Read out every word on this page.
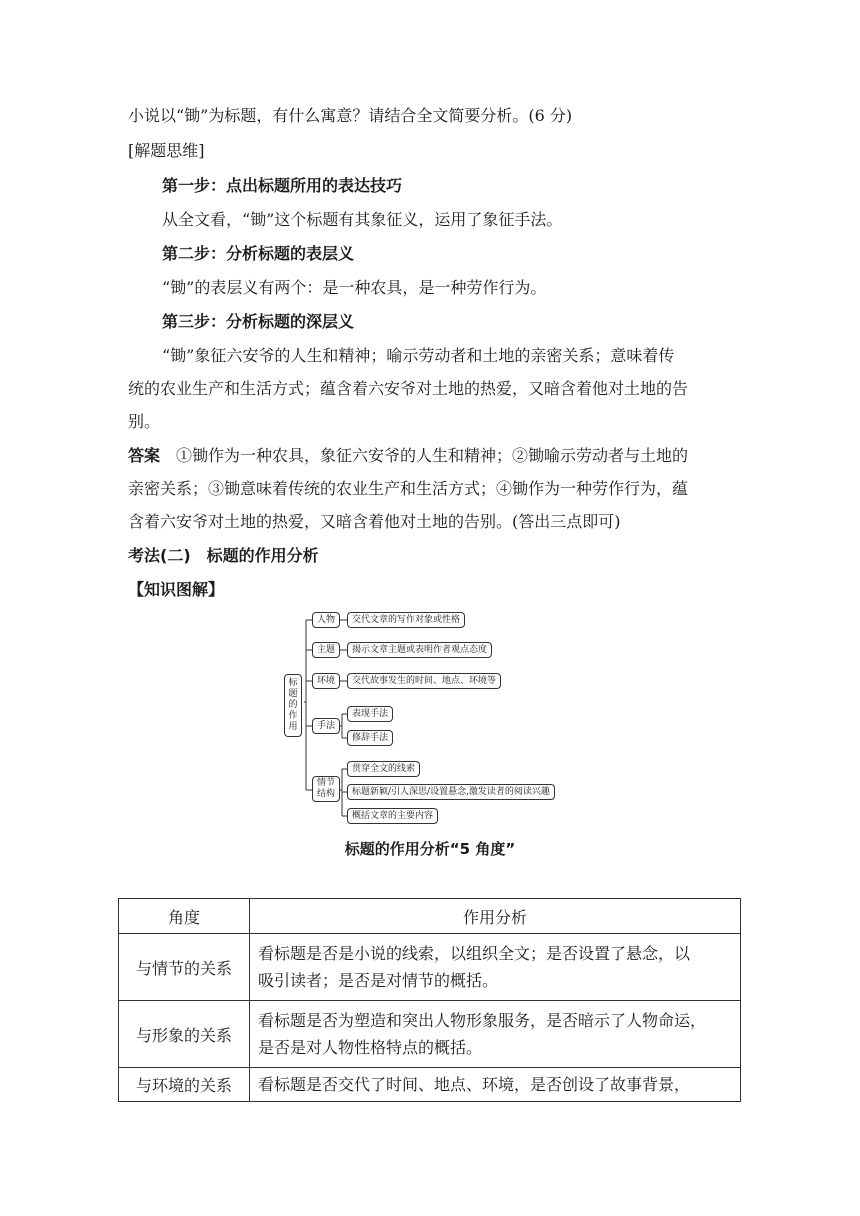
小说以“锄”为标题，有什么寓意？请结合全文简要分析。(6 分)
[解题思维]
第一步：点出标题所用的表达技巧
从全文看，“锄”这个标题有其象征义，运用了象征手法。
第二步：分析标题的表层义
“锄”的表层义有两个：是一种农具，是一种劳作行为。
第三步：分析标题的深层义
“锄”象征六安爷的人生和精神；喻示劳动者和土地的亲密关系；意味着传
统的农业生产和生活方式；蕴含着六安爷对土地的热爱，又暗含着他对土地的告
别。
答案　 ①锄作为一种农具，象征六安爷的人生和精神；②锄喻示劳动者与土地的
亲密关系；③锄意味着传统的农业生产和生活方式；④锄作为一种劳作行为，蕴
含着六安爷对土地的热爱，又暗含着他对土地的告别。(答出三点即可)
考法(二)　标题的作用分析
【知识图解】
标题的作用
人物	交代文章的写作对象或性格
主题	揭示文章主题或表明作者观点态度
环境	交代故事发生的时间、地点、环境等
手法
表现手法
修辞手法
情节结构
贯穿全文的线索
标题新颖/引人深思/设置悬念,激发读者的阅读兴趣
概括文章的主要内容
标题的作用分析“5 角度”
角度	作用分析
与情节的关系	看标题是否是小说的线索，以组织全文；是否设置了悬念，以
吸引读者；是否是对情节的概括。

与形象的关系	看标题是否为塑造和突出人物形象服务，是否暗示了人物命运，
是否是对人物性格特点的概括。

与环境的关系	看标题是否交代了时间、地点、环境，是否创设了故事背景，
